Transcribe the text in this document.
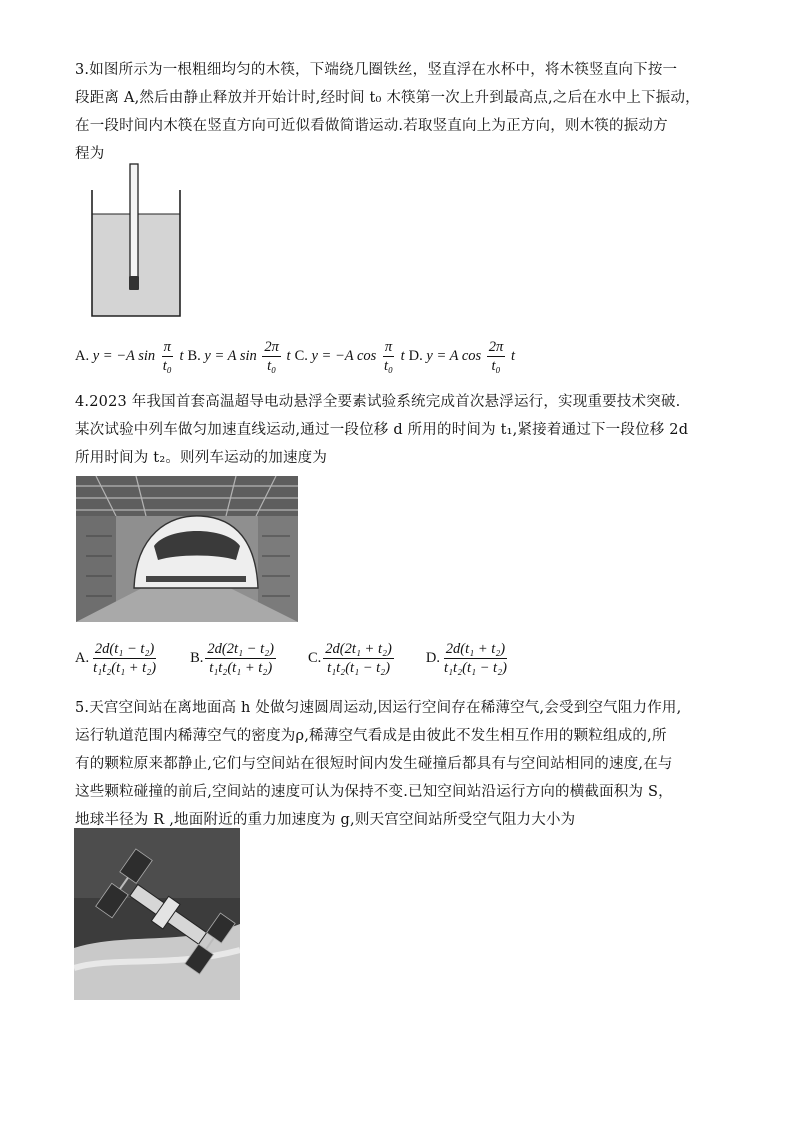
3.如图所示为一根粗细均匀的木筷，下端绕几圈铁丝，竖直浮在水杯中，将木筷竖直向下按一
段距离 A,然后由静止释放并开始计时,经时间 t₀ 木筷第一次上升到最高点,之后在水中上下振动，
在一段时间内木筷在竖直方向可近似看做简谐运动.若取竖直向上为正方向，则木筷的振动方
程为
A. y = −A $\sin \frac{\pi}{\text{t₀}}$ t B. y = A $\sin \frac{2\pi}{\text{t₀}}$ t C. y = −A $\cos \frac{\pi}{\text{t₀}}$ t D. y = A $\cos \frac{2\pi}{\text{t₀}}$ t
4.2023 年我国首套高温超导电动悬浮全要素试验系统完成首次悬浮运行，实现重要技术突破.
某次试验中列车做匀加速直线运动,通过一段位移 d 所用的时间为 t₁,紧接着通过下一段位移 2d
所用时间为 t₂。则列车运动的加速度为
A. $\frac{\text{2d(t₁ − t₂)}}{\text{t₁t₂(t₁ + t₂)}} B$. $\frac{\text{2d(2t₁ − t₂)}}{\text{t₁t₂(t₁ + t₂)}} C$. $\frac{\text{2d(2t₁ + t₂)}}{\text{t₁t₂(t₁ − t₂)}} D$. $\frac{\text{2d(t₁ + t₂)}}{\text{t₁t₂(t₁ − t₂)}}$
5.天宫空间站在离地面高 h 处做匀速圆周运动,因运行空间存在稀薄空气,会受到空气阻力作用,
运行轨道范围内稀薄空气的密度为ρ,稀薄空气看成是由彼此不发生相互作用的颗粒组成的,所
有的颗粒原来都静止,它们与空间站在很短时间内发生碰撞后都具有与空间站相同的速度,在与
这些颗粒碰撞的前后,空间站的速度可认为保持不变.已知空间站沿运行方向的横截面积为 S，
地球半径为 R ,地面附近的重力加速度为 g,则天宫空间站所受空气阻力大小为
